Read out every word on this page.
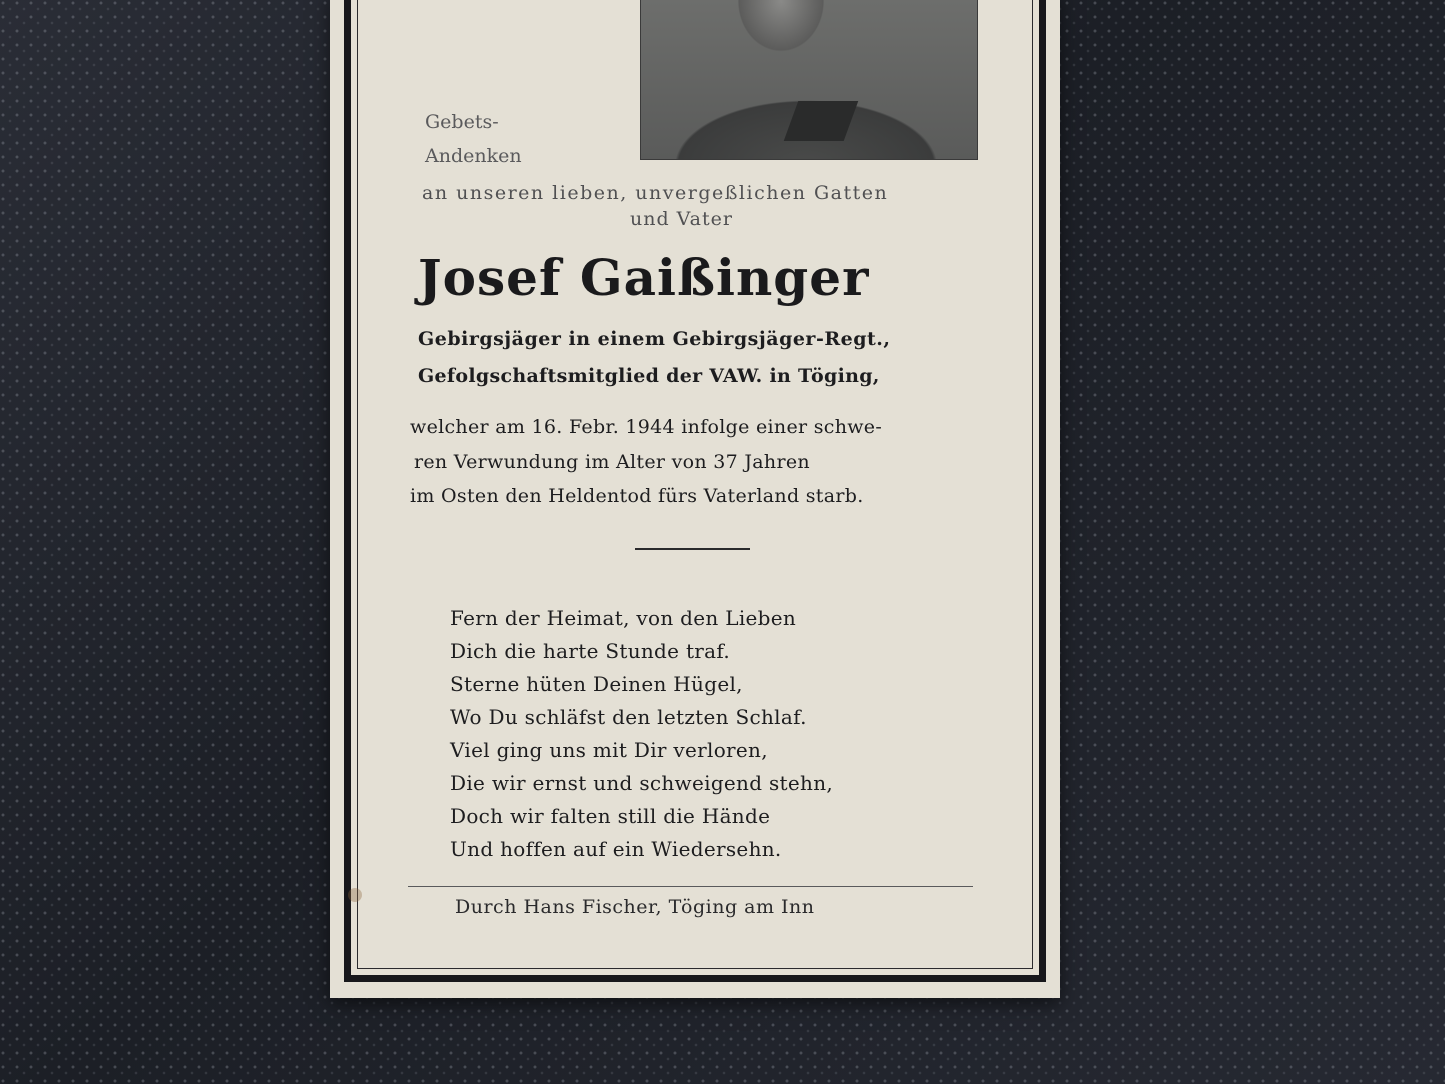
Gebets-
Andenken
an unseren lieben, unvergeßlichen Gatten
und Vater
Josef Gaißinger
Gebirgsjäger in einem Gebirgsjäger-Regt.,
Gefolgschaftsmitglied der VAW. in Töging,
welcher am 16. Febr. 1944 infolge einer schwe-
ren Verwundung im Alter von 37 Jahren
im Osten den Heldentod fürs Vaterland starb.
Fern der Heimat, von den Lieben
Dich die harte Stunde traf.
Sterne hüten Deinen Hügel,
Wo Du schläfst den letzten Schlaf.
Viel ging uns mit Dir verloren,
Die wir ernst und schweigend stehn,
Doch wir falten still die Hände
Und hoffen auf ein Wiedersehn.
Durch Hans Fischer, Töging am Inn
